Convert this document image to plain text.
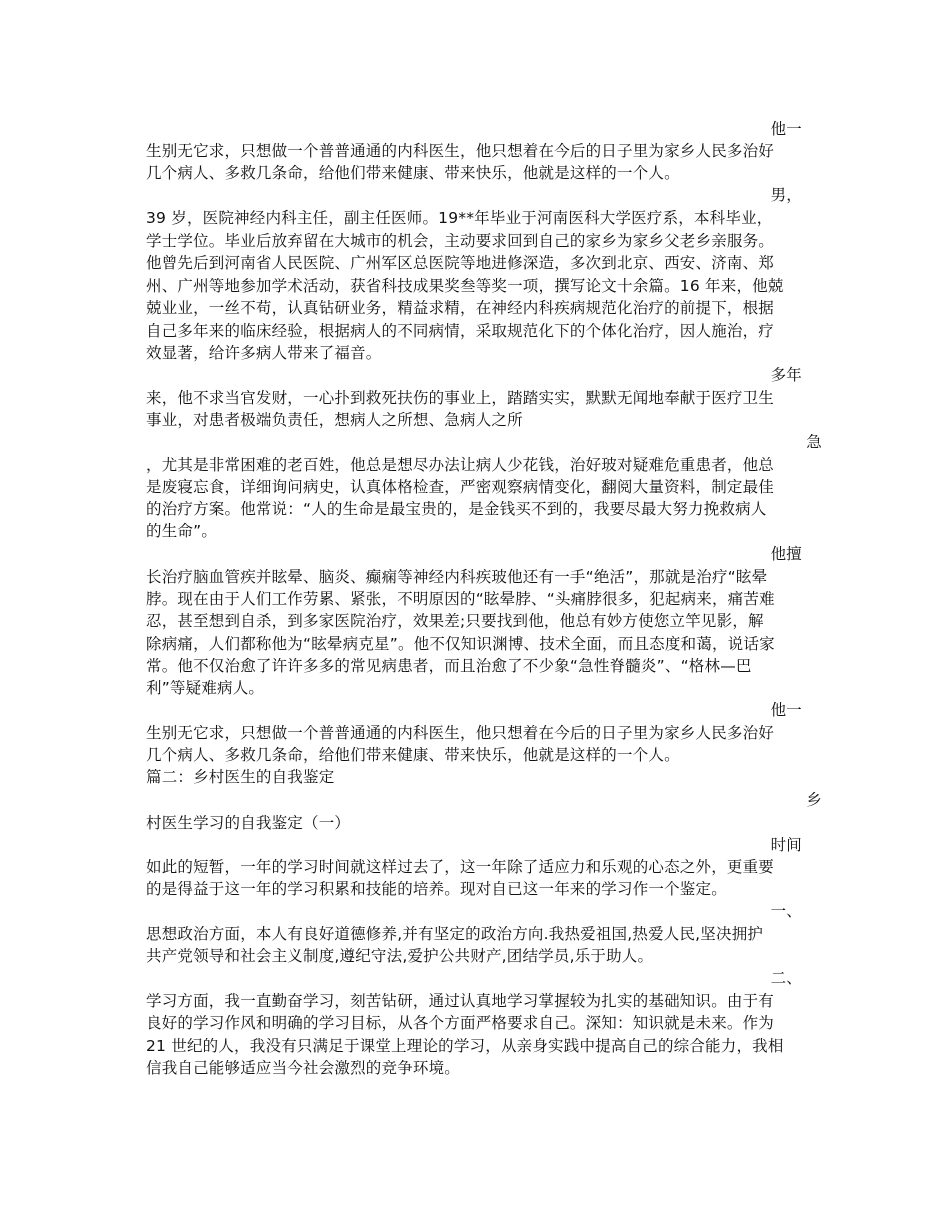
他一
生别无它求，只想做一个普普通通的内科医生，他只想着在今后的日子里为家乡人民多治好
几个病人、多救几条命，给他们带来健康、带来快乐，他就是这样的一个人。
男，
39 岁，医院神经内科主任，副主任医师。19**年毕业于河南医科大学医疗系，本科毕业，
学士学位。毕业后放弃留在大城市的机会，主动要求回到自己的家乡为家乡父老乡亲服务。
他曾先后到河南省人民医院、广州军区总医院等地进修深造，多次到北京、西安、济南、郑
州、广州等地参加学术活动，获省科技成果奖叁等奖一项，撰写论文十余篇。16 年来，他兢
兢业业，一丝不苟，认真钻研业务，精益求精，在神经内科疾病规范化治疗的前提下，根据
自己多年来的临床经验，根据病人的不同病情，采取规范化下的个体化治疗，因人施治，疗
效显著，给许多病人带来了福音。
多年
来，他不求当官发财，一心扑到救死扶伤的事业上，踏踏实实，默默无闻地奉献于医疗卫生
事业，对患者极端负责任，想病人之所想、急病人之所
急
，尤其是非常困难的老百姓，他总是想尽办法让病人少花钱，治好玻对疑难危重患者，他总
是废寝忘食，详细询问病史，认真体格检查，严密观察病情变化，翻阅大量资料，制定最佳
的治疗方案。他常说：“人的生命是最宝贵的，是金钱买不到的，我要尽最大努力挽救病人
的生命”。
他擅
长治疗脑血管疾并眩晕、脑炎、癫痫等神经内科疾玻他还有一手“绝活”，那就是治疗“眩晕
脖。现在由于人们工作劳累、紧张，不明原因的“眩晕脖、“头痛脖很多，犯起病来，痛苦难
忍，甚至想到自杀，到多家医院治疗，效果差;只要找到他，他总有妙方使您立竿见影，解
除病痛，人们都称他为“眩晕病克星”。他不仅知识渊博、技术全面，而且态度和蔼，说话家
常。他不仅治愈了许许多多的常见病患者，而且治愈了不少象“急性脊髓炎”、“格林—巴
利”等疑难病人。
他一
生别无它求，只想做一个普普通通的内科医生，他只想着在今后的日子里为家乡人民多治好
几个病人、多救几条命，给他们带来健康、带来快乐，他就是这样的一个人。
篇二：乡村医生的自我鉴定
乡
村医生学习的自我鉴定（一）
时间
如此的短暂，一年的学习时间就这样过去了，这一年除了适应力和乐观的心态之外，更重要
的是得益于这一年的学习积累和技能的培养。现对自已这一年来的学习作一个鉴定。
一、
思想政治方面，本人有良好道德修养,并有坚定的政治方向.我热爱祖国,热爱人民,坚决拥护
共产党领导和社会主义制度,遵纪守法,爱护公共财产,团结学员,乐于助人。
二、
学习方面，我一直勤奋学习，刻苦钻研，通过认真地学习掌握较为扎实的基础知识。由于有
良好的学习作风和明确的学习目标，从各个方面严格要求自己。深知：知识就是未来。作为
21 世纪的人，我没有只满足于课堂上理论的学习，从亲身实践中提高自己的综合能力，我相
信我自己能够适应当今社会激烈的竞争环境。
